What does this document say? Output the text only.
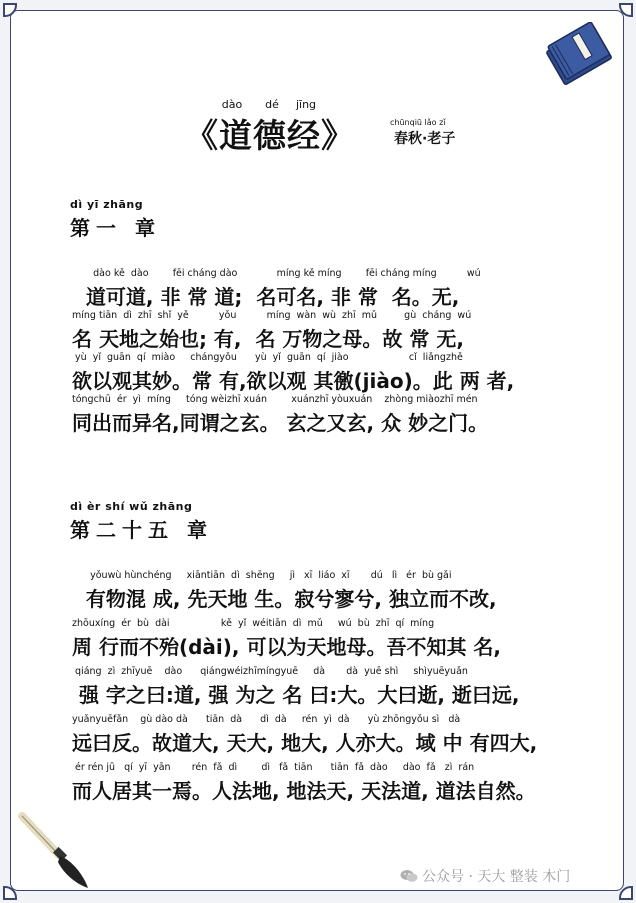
dào dé jīng
《道德经》	chūnqiū lǎo zǐ
春秋·老子
dì yī zhāng
第一 章
dào kě  dào        fēi cháng dào             míng kě míng        fēi cháng míng          wú
道可道, 非 常 道;  名可名, 非 常  名。无,
míng tiān  dì  zhī  shǐ  yě          yǒu          míng  wàn  wù  zhī  mǔ         gù  cháng  wú
名 天地之始也; 有,  名 万物之母。故 常 无,
yù  yǐ  guān  qí  miào     chángyǒu      yù  yǐ  guān  qí  jiào                    cǐ  liǎngzhě
欲以观其妙。常 有,欲以观 其徼(jiào)。此 两 者,
tóngchū  ér  yì  míng     tóng wèizhī xuán        xuánzhī yòuxuán    zhòng miàozhī mén
同出而异名,同谓之玄。 玄之又玄, 众 妙之门。
dì èr shí wǔ zhāng
第二十五 章
yǒuwù hùnchéng     xiāntiān  dì  shēng     jì   xī  liáo  xī       dú   lì   ér  bù gǎi
有物混 成, 先天地 生。寂兮寥兮, 独立而不改,
zhōuxíng  ér  bù  dài                 kě  yǐ  wéitiān  dì  mǔ     wú  bù  zhī  qí  míng
周 行而不殆(dài), 可以为天地母。吾不知其 名,
qiáng  zì  zhīyuē    dào      qiángwéizhīmíngyuē     dà       dà  yuē shì     shìyuēyuǎn
强 字之曰:道, 强 为之 名 曰:大。大曰逝, 逝曰远,
yuǎnyuēfǎn    gù dào dà      tiān  dà      dì  dà     rén  yì  dà      yù zhōngyǒu sì   dà
远曰反。故道大, 天大, 地大, 人亦大。域 中 有四大,
ér rén jū   qí  yī  yān       rén  fǎ  dì        dì   fǎ  tiān      tiān  fǎ  dào     dào  fǎ   zì  rán
而人居其一焉。人法地, 地法天, 天法道, 道法自然。
公众号 · 天大 整装 木门
